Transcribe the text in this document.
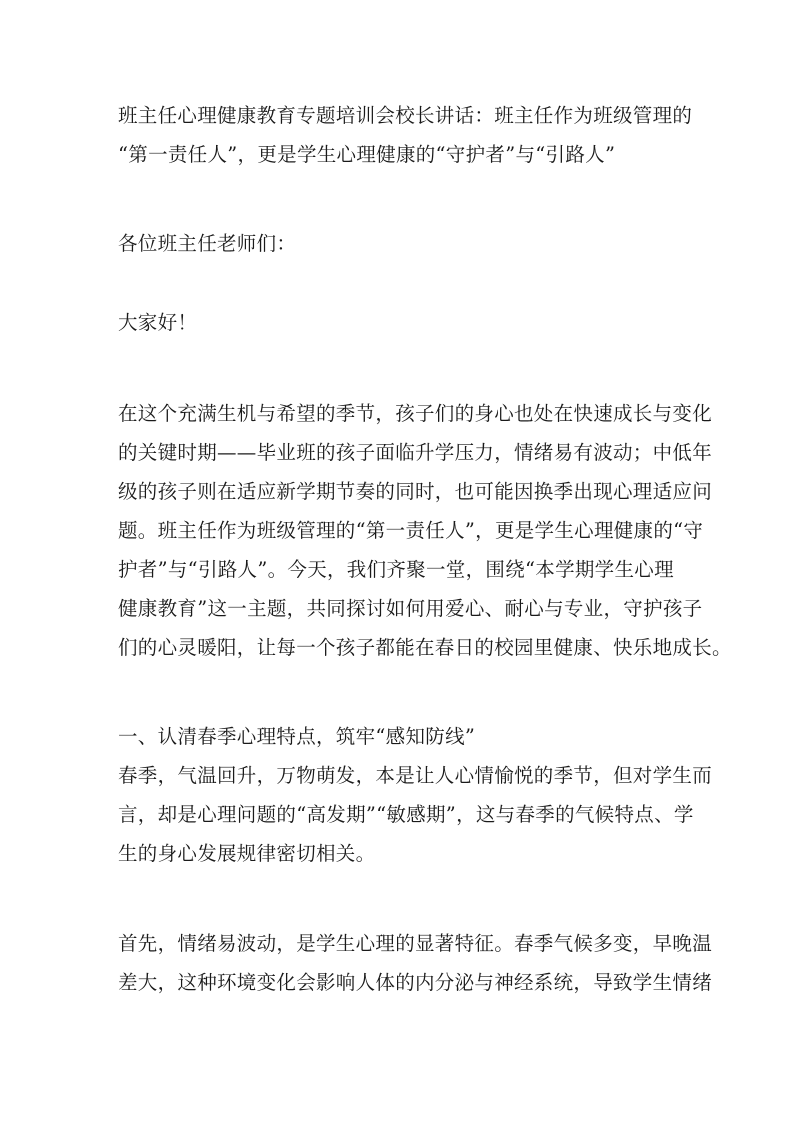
班主任心理健康教育专题培训会校长讲话：班主任作为班级管理的
“第一责任人”，更是学生心理健康的“守护者”与“引路人”
各位班主任老师们：
大家好！
在这个充满生机与希望的季节，孩子们的身心也处在快速成长与变化
的关键时期——毕业班的孩子面临升学压力，情绪易有波动；中低年
级的孩子则在适应新学期节奏的同时，也可能因换季出现心理适应问
题。班主任作为班级管理的“第一责任人”，更是学生心理健康的“守
护者”与“引路人”。今天，我们齐聚一堂，围绕“本学期学生心理
健康教育”这一主题，共同探讨如何用爱心、耐心与专业，守护孩子
们的心灵暖阳，让每一个孩子都能在春日的校园里健康、快乐地成长。
一、认清春季心理特点，筑牢“感知防线”
春季，气温回升，万物萌发，本是让人心情愉悦的季节，但对学生而
言，却是心理问题的“高发期”“敏感期”，这与春季的气候特点、学
生的身心发展规律密切相关。
首先，情绪易波动，是学生心理的显著特征。春季气候多变，早晚温
差大，这种环境变化会影响人体的内分泌与神经系统，导致学生情绪
